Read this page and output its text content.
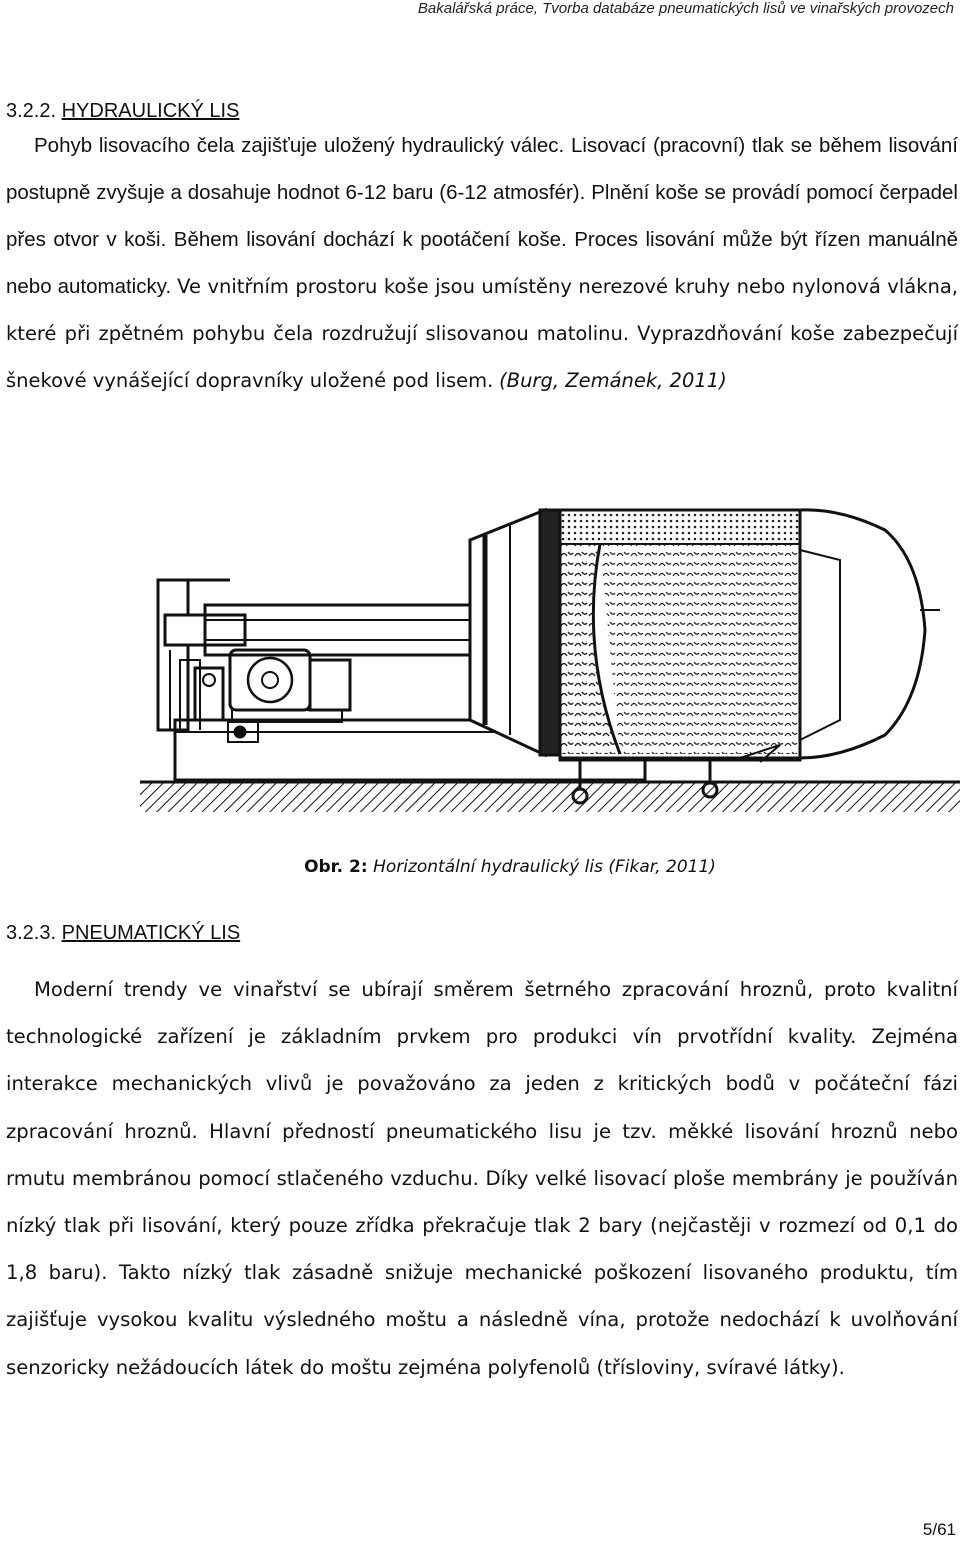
Bakalářská práce, Tvorba databáze pneumatických lisů ve vinařských provozech
3.2.2. HYDRAULICKÝ LIS

Pohyb lisovacího čela zajišťuje uložený hydraulický válec. Lisovací (pracovní) tlak se během lisování postupně zvyšuje a dosahuje hodnot 6-12 baru (6-12 atmosfér). Plnění koše se provádí pomocí čerpadel přes otvor v koši. Během lisování dochází k pootáčení koše. Proces lisování může být řízen manuálně nebo automaticky. Ve vnitřním prostoru koše jsou umístěny nerezové kruhy nebo nylonová vlákna, které při zpětném pohybu čela rozdružují slisovanou matolinu. Vyprazdňování koše zabezpečují šnekové vynášející dopravníky uložené pod lisem. (Burg, Zemánek, 2011)

Obr. 2: Horizontální hydraulický lis (Fikar, 2011)
3.2.3. PNEUMATICKÝ LIS

Moderní trendy ve vinařství se ubírají směrem šetrného zpracování hroznů, proto kvalitní technologické zařízení je základním prvkem pro produkci vín prvotřídní kvality. Zejména interakce mechanických vlivů je považováno za jeden z kritických bodů v počáteční fázi zpracování hroznů. Hlavní předností pneumatického lisu je tzv. měkké lisování hroznů nebo rmutu membránou pomocí stlačeného vzduchu. Díky velké lisovací ploše membrány je používán nízký tlak při lisování, který pouze zřídka překračuje tlak 2 bary (nejčastěji v rozmezí od 0,1 do 1,8 baru). Takto nízký tlak zásadně snižuje mechanické poškození lisovaného produktu, tím zajišťuje vysokou kvalitu výsledného moštu a následně vína, protože nedochází k uvolňování senzoricky nežádoucích látek do moštu zejména polyfenolů (třísloviny, svíravé látky).

5/61
